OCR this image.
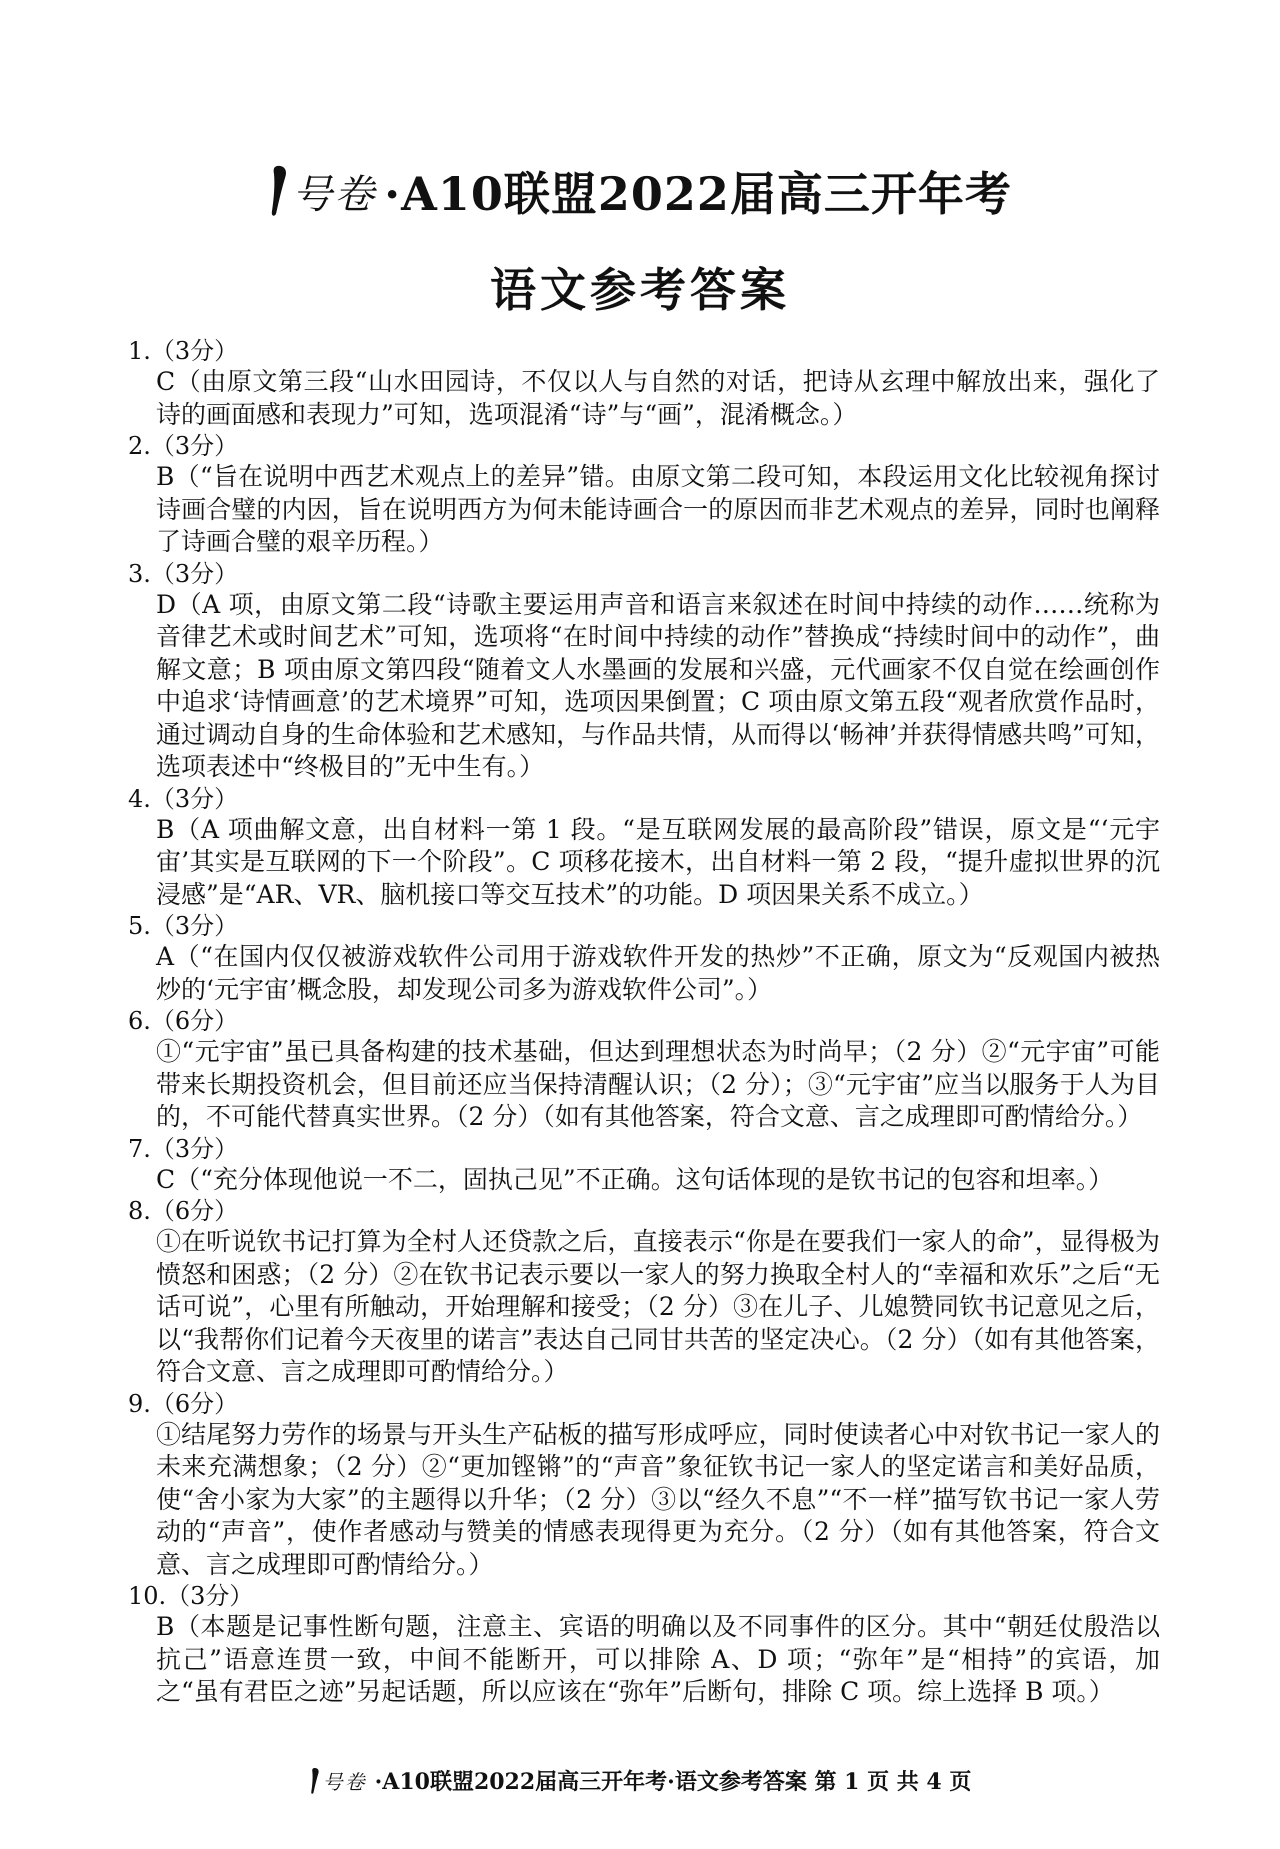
号卷 ·A10联盟2022届高三开年考
语文参考答案
1.（3分）
C（由原文第三段“山水田园诗，不仅以人与自然的对话，把诗从玄理中解放出来，强化了诗的画面感和表现力”可知，选项混淆“诗”与“画”，混淆概念。）
2.（3分）
B（“旨在说明中西艺术观点上的差异”错。由原文第二段可知，本段运用文化比较视角探讨诗画合璧的内因，旨在说明西方为何未能诗画合一的原因而非艺术观点的差异，同时也阐释了诗画合璧的艰辛历程。）
3.（3分）
D（A 项，由原文第二段“诗歌主要运用声音和语言来叙述在时间中持续的动作……统称为音律艺术或时间艺术”可知，选项将“在时间中持续的动作”替换成“持续时间中的动作”，曲解文意；B 项由原文第四段“随着文人水墨画的发展和兴盛，元代画家不仅自觉在绘画创作中追求‘诗情画意’的艺术境界”可知，选项因果倒置；C 项由原文第五段“观者欣赏作品时，通过调动自身的生命体验和艺术感知，与作品共情，从而得以‘畅神’并获得情感共鸣”可知，选项表述中“终极目的”无中生有。）
4.（3分）
B（A 项曲解文意，出自材料一第 1 段。“是互联网发展的最高阶段”错误，原文是“‘元宇宙’其实是互联网的下一个阶段”。C 项移花接木，出自材料一第 2 段，“提升虚拟世界的沉浸感”是“AR、VR、脑机接口等交互技术”的功能。D 项因果关系不成立。）
5.（3分）
A（“在国内仅仅被游戏软件公司用于游戏软件开发的热炒”不正确，原文为“反观国内被热炒的‘元宇宙’概念股，却发现公司多为游戏软件公司”。）
6.（6分）
①“元宇宙”虽已具备构建的技术基础，但达到理想状态为时尚早；（2 分）②“元宇宙”可能带来长期投资机会，但目前还应当保持清醒认识；（2 分）；③“元宇宙”应当以服务于人为目的，不可能代替真实世界。（2 分）（如有其他答案，符合文意、言之成理即可酌情给分。）
7.（3分）
C（“充分体现他说一不二，固执己见”不正确。这句话体现的是钦书记的包容和坦率。）
8.（6分）
①在听说钦书记打算为全村人还贷款之后，直接表示“你是在要我们一家人的命”，显得极为愤怒和困惑；（2 分）②在钦书记表示要以一家人的努力换取全村人的“幸福和欢乐”之后“无话可说”，心里有所触动，开始理解和接受；（2 分）③在儿子、儿媳赞同钦书记意见之后，以“我帮你们记着今天夜里的诺言”表达自己同甘共苦的坚定决心。（2 分）（如有其他答案，符合文意、言之成理即可酌情给分。）
9.（6分）
①结尾努力劳作的场景与开头生产砧板的描写形成呼应，同时使读者心中对钦书记一家人的未来充满想象；（2 分）②“更加铿锵”的“声音”象征钦书记一家人的坚定诺言和美好品质，使“舍小家为大家”的主题得以升华；（2 分）③以“经久不息”“不一样”描写钦书记一家人劳动的“声音”，使作者感动与赞美的情感表现得更为充分。（2 分）（如有其他答案，符合文意、言之成理即可酌情给分。）
10.（3分）
B（本题是记事性断句题，注意主、宾语的明确以及不同事件的区分。其中“朝廷仗殷浩以抗己”语意连贯一致，中间不能断开，可以排除 A、D 项；“弥年”是“相持”的宾语，加之“虽有君臣之迹”另起话题，所以应该在“弥年”后断句，排除 C 项。综上选择 B 项。）
号卷 ·A10联盟2022届高三开年考·语文参考答案 第 1 页 共 4 页
